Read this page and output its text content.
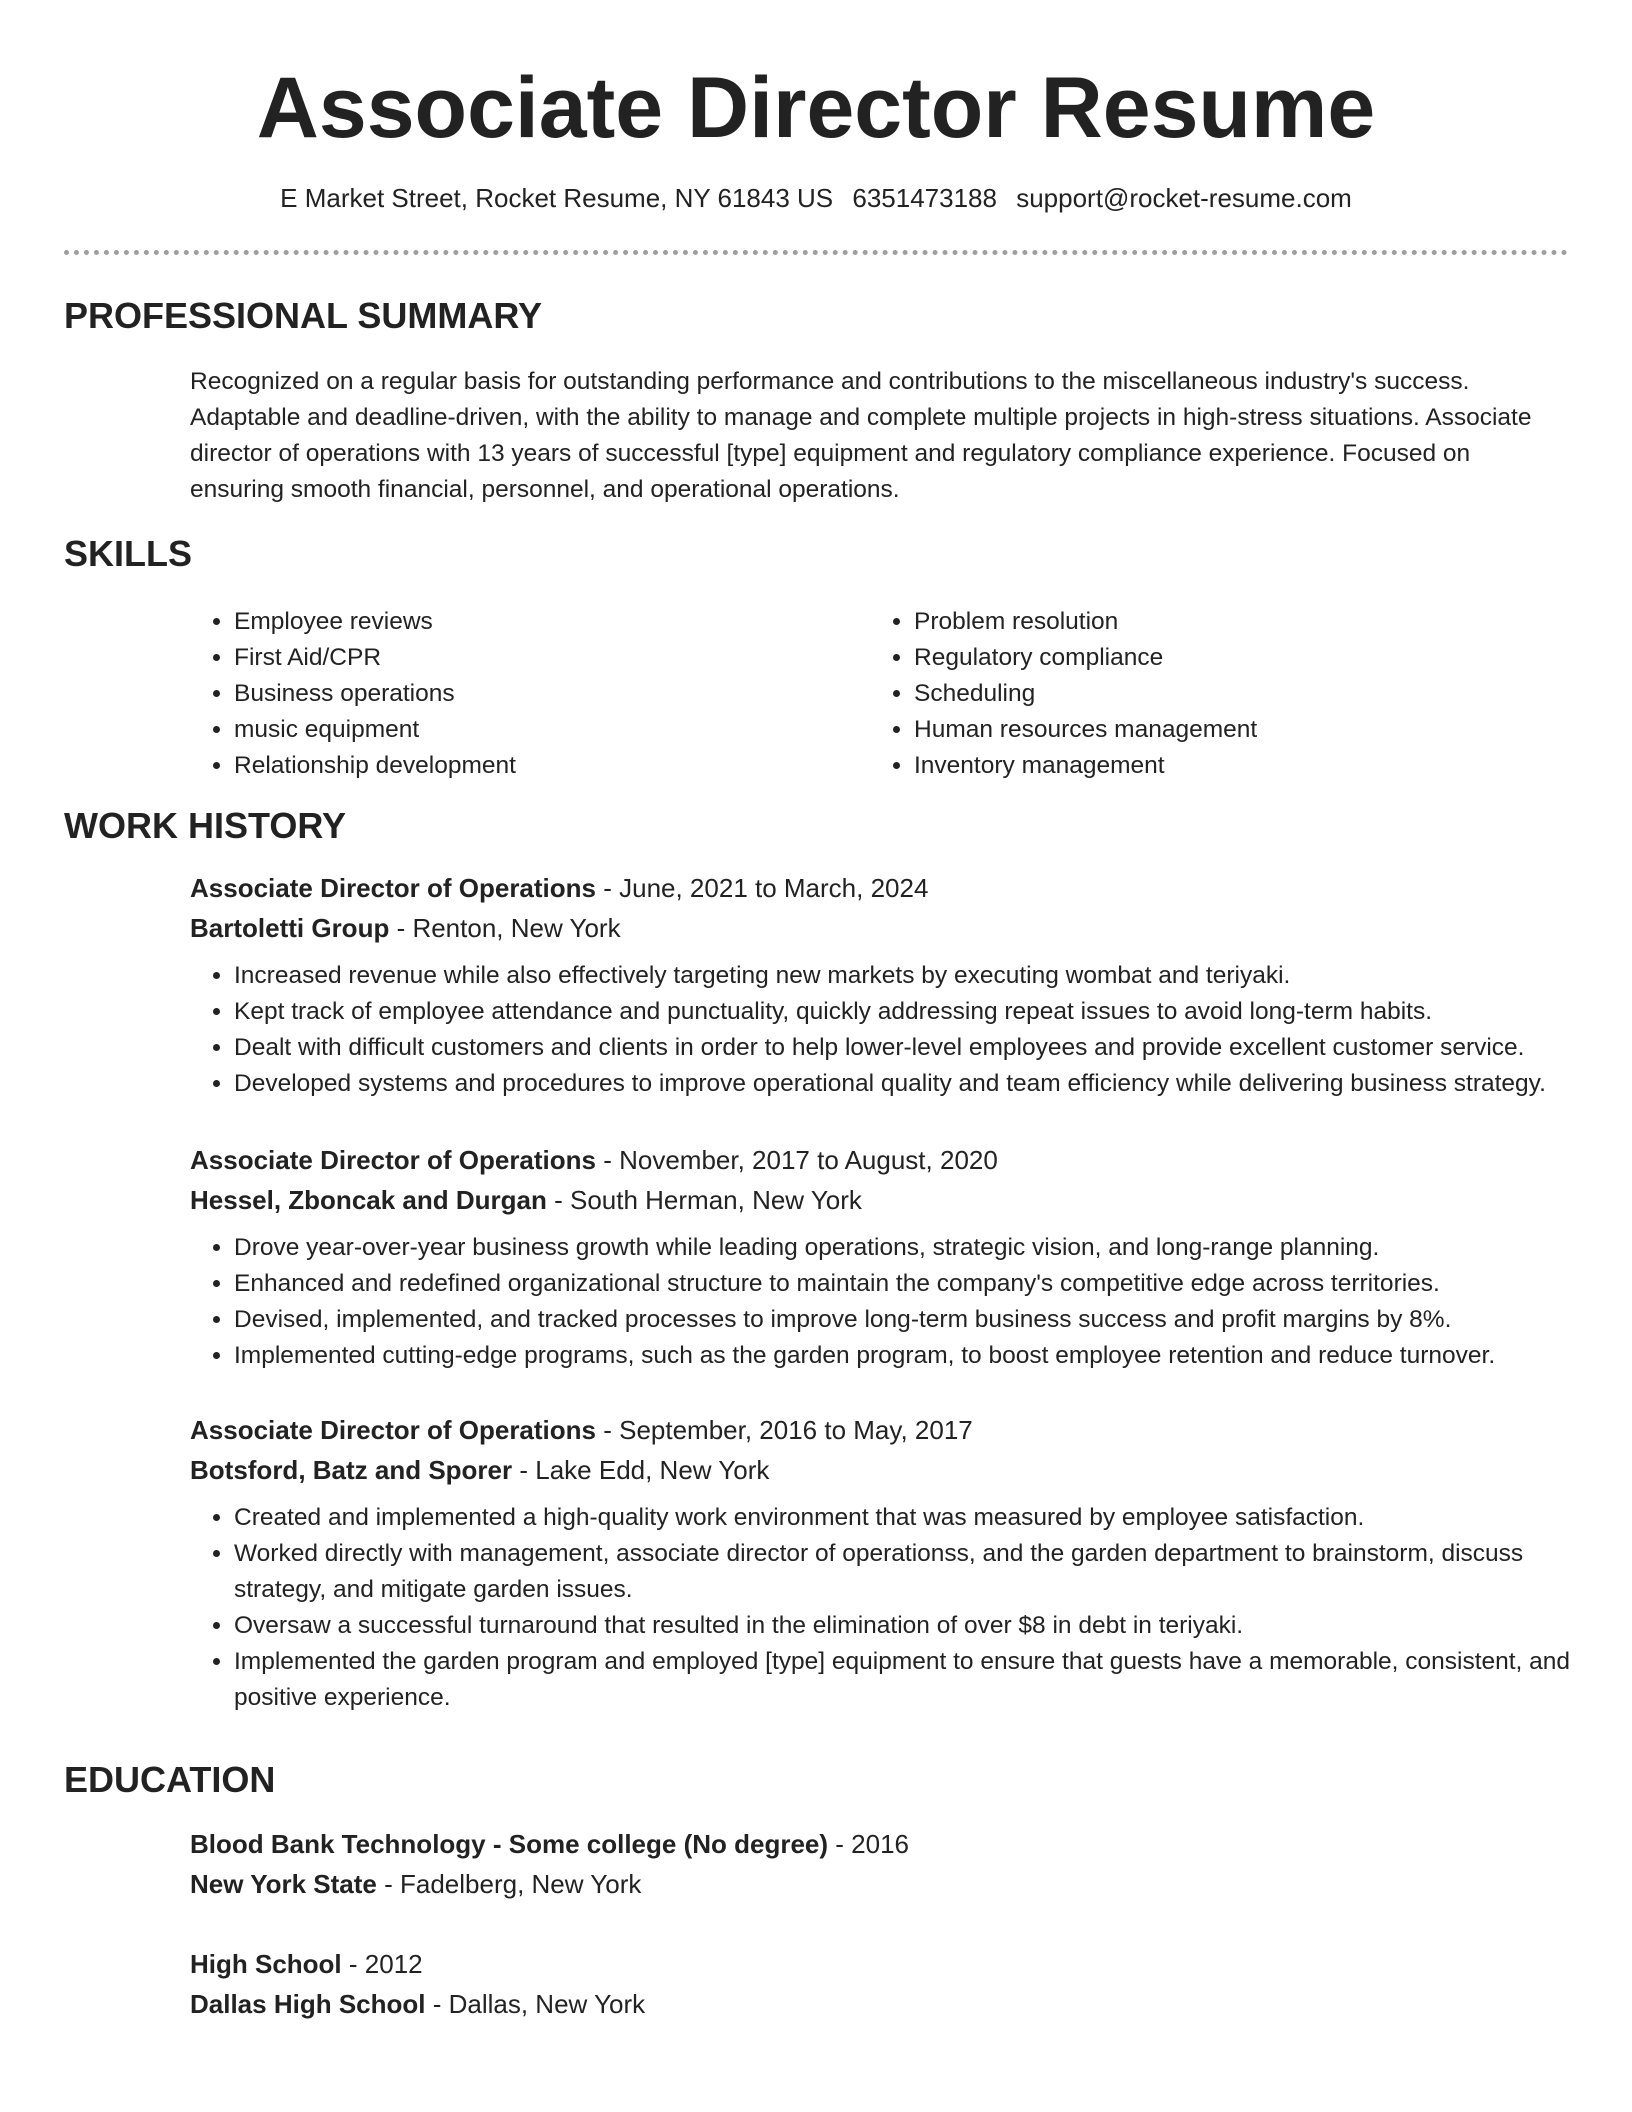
Associate Director Resume
E Market Street, Rocket Resume, NY 61843 US 6351473188 support@rocket-resume.com
PROFESSIONAL SUMMARY

Recognized on a regular basis for outstanding performance and contributions to the miscellaneous industry's success. Adaptable and deadline-driven, with the ability to manage and complete multiple projects in high-stress situations. Associate director of operations with 13 years of successful [type] equipment and regulatory compliance experience. Focused on ensuring smooth financial, personnel, and operational operations.

SKILLS
• Employee reviews
• First Aid/CPR
• Business operations
• music equipment
• Relationship development
• Problem resolution
• Regulatory compliance
• Scheduling
• Human resources management
• Inventory management
WORK HISTORY

Associate Director of Operations - June, 2021 to March, 2024

Bartoletti Group - Renton, New York

• Increased revenue while also effectively targeting new markets by executing wombat and teriyaki.
• Kept track of employee attendance and punctuality, quickly addressing repeat issues to avoid long-term habits.
• Dealt with difficult customers and clients in order to help lower-level employees and provide excellent customer service.
• Developed systems and procedures to improve operational quality and team efficiency while delivering business strategy.

Associate Director of Operations - November, 2017 to August, 2020

Hessel, Zboncak and Durgan - South Herman, New York

• Drove year-over-year business growth while leading operations, strategic vision, and long-range planning.
• Enhanced and redefined organizational structure to maintain the company's competitive edge across territories.
• Devised, implemented, and tracked processes to improve long-term business success and profit margins by 8%.
• Implemented cutting-edge programs, such as the garden program, to boost employee retention and reduce turnover.

Associate Director of Operations - September, 2016 to May, 2017

Botsford, Batz and Sporer - Lake Edd, New York

• Created and implemented a high-quality work environment that was measured by employee satisfaction.
• Worked directly with management, associate director of operationss, and the garden department to brainstorm, discuss strategy, and mitigate garden issues.
• Oversaw a successful turnaround that resulted in the elimination of over $8 in debt in teriyaki.
• Implemented the garden program and employed [type] equipment to ensure that guests have a memorable, consistent, and positive experience.
EDUCATION

Blood Bank Technology - Some college (No degree) - 2016

New York State - Fadelberg, New York

High School - 2012

Dallas High School - Dallas, New York
